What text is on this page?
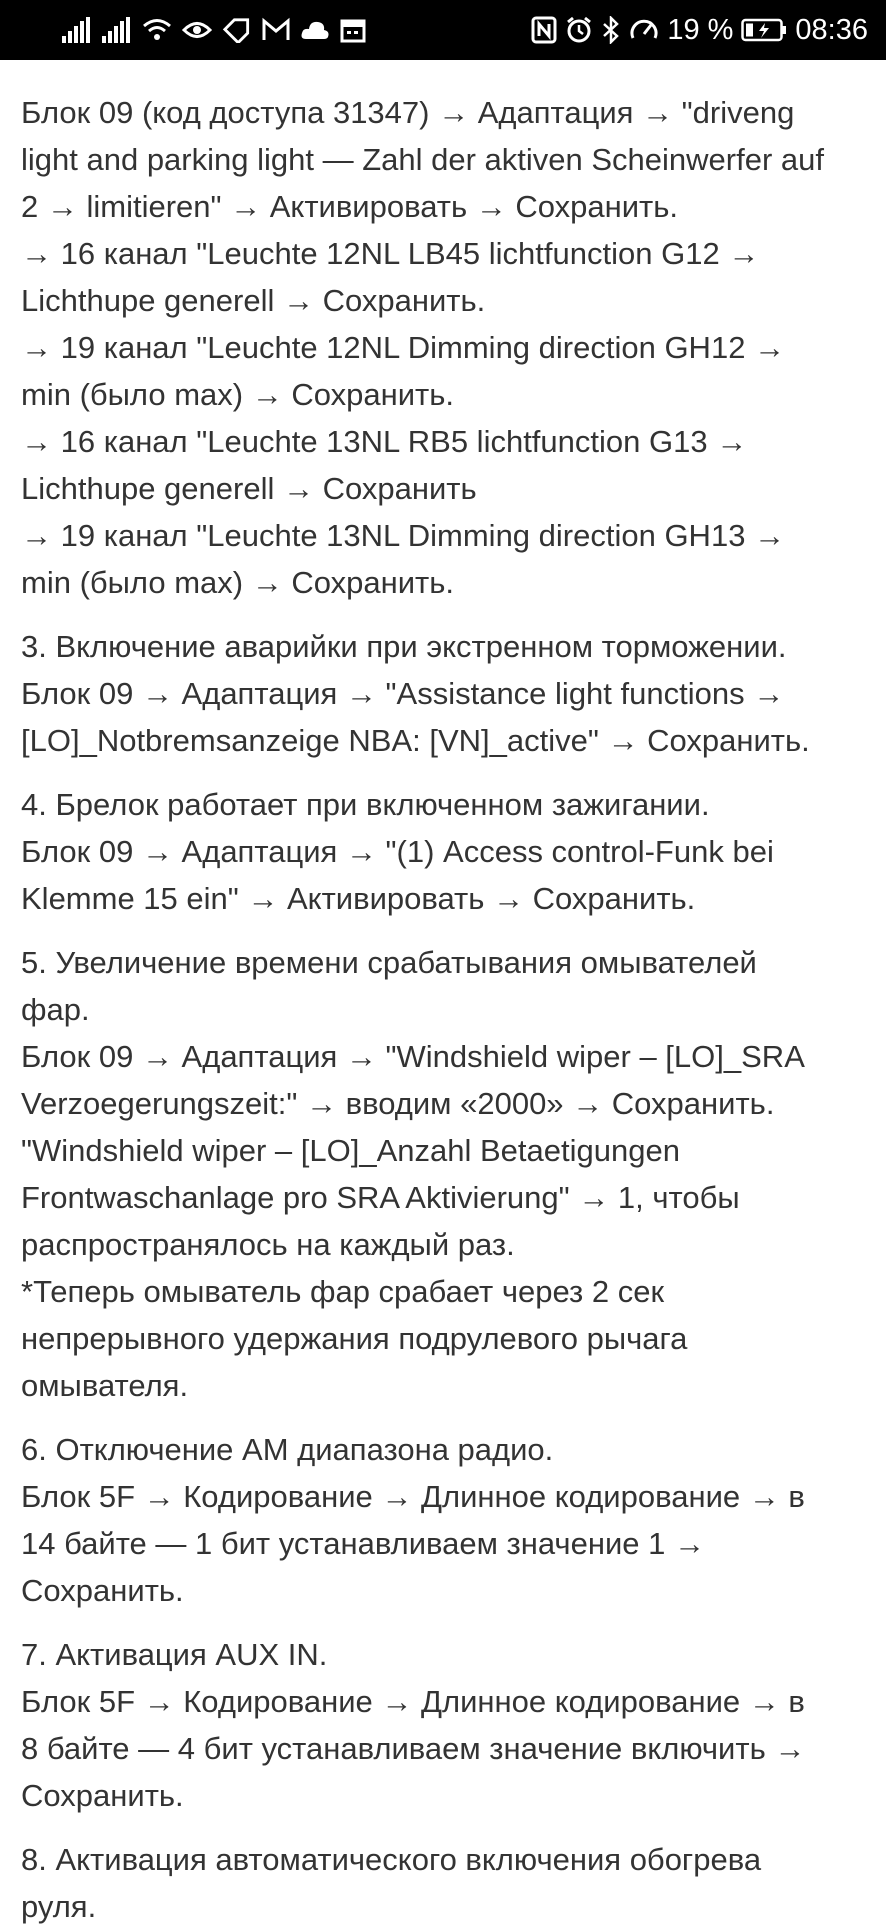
19 % 08:36

Блок 09 (код доступа 31347) → Адаптация → "driveng
light and parking light — Zahl der aktiven Scheinwerfer auf
2 → limitieren" → Активировать → Сохранить.
→ 16 канал "Leuchte 12NL LB45 lichtfunction G12 →
Lichthupe generell → Сохранить.
→ 19 канал "Leuchte 12NL Dimming direction GH12 →
min (было max) → Сохранить.
→ 16 канал "Leuchte 13NL RB5 lichtfunction G13 →
Lichthupe generell → Сохранить
→ 19 канал "Leuchte 13NL Dimming direction GH13 →
min (было max) → Сохранить.

3. Включение аварийки при экстренном торможении.
Блок 09 → Адаптация → "Assistance light functions →
[LO]_Notbremsanzeige NBA: [VN]_active" → Сохранить.

4. Брелок работает при включенном зажигании.
Блок 09 → Адаптация → "(1) Access control-Funk bei
Klemme 15 ein" → Активировать → Сохранить.

5. Увеличение времени срабатывания омывателей
фар.
Блок 09 → Адаптация → "Windshield wiper – [LO]_SRA
Verzoegerungszeit:" → вводим «2000» → Сохранить.
"Windshield wiper – [LO]_Anzahl Betaetigungen
Frontwaschanlage pro SRA Aktivierung" → 1, чтобы
распространялось на каждый раз.
*Теперь омыватель фар срабает через 2 сек
непрерывного удержания подрулевого рычага
омывателя.

6. Отключение AM диапазона радио.
Блок 5F → Кодирование → Длинное кодирование → в
14 байте — 1 бит устанавливаем значение 1 →
Сохранить.

7. Активация AUX IN.
Блок 5F → Кодирование → Длинное кодирование → в
8 байте — 4 бит устанавливаем значение включить →
Сохранить.

8. Активация автоматического включения обогрева
руля.
